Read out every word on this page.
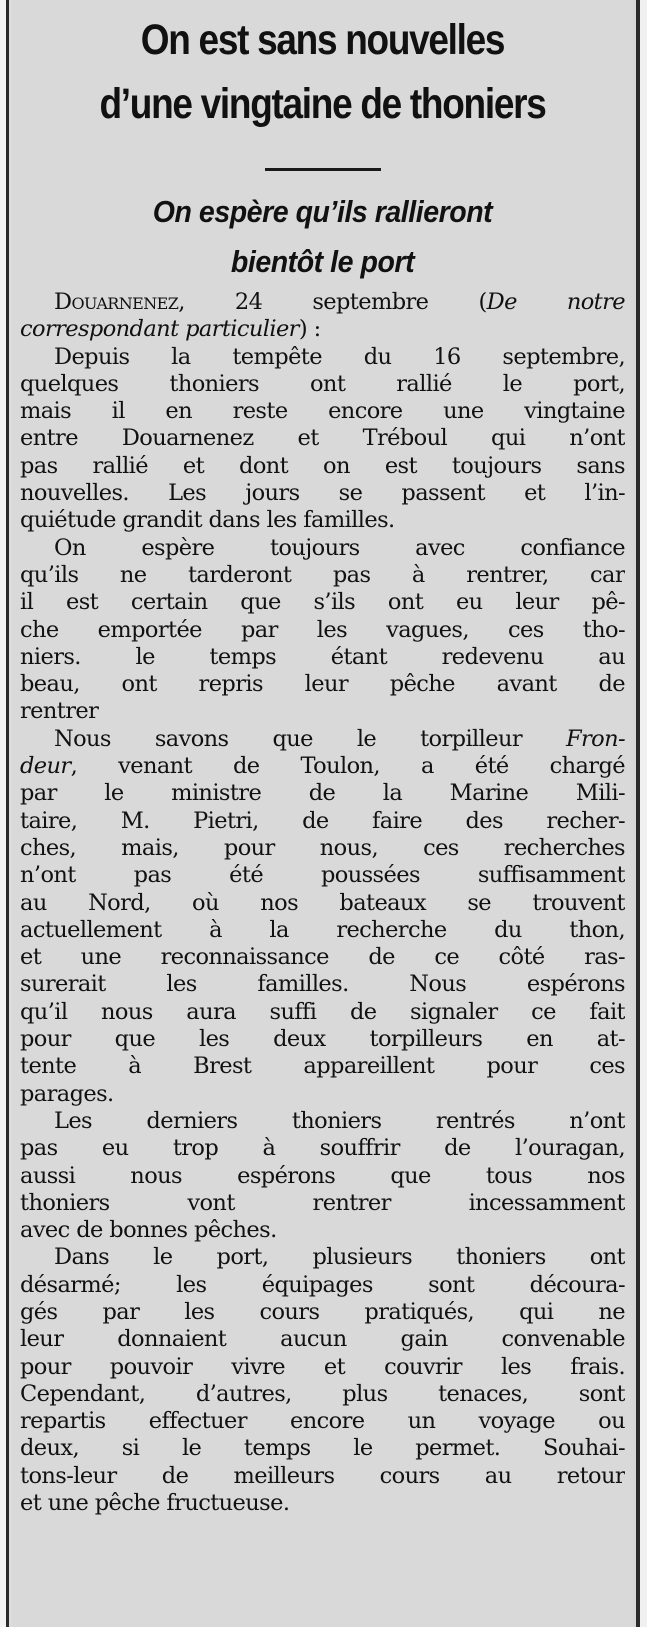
On est sans nouvelles
d’une vingtaine de thoniers
On espère qu’ils rallieront
bientôt le port
Douarnenez, 24 septembre (De notre
correspondant particulier) :
Depuis la tempête du 16 septembre,
quelques thoniers ont rallié le port,
mais il en reste encore une vingtaine
entre Douarnenez et Tréboul qui n’ont
pas rallié et dont on est toujours sans
nouvelles. Les jours se passent et l’in-
quiétude grandit dans les familles.
On espère toujours avec confiance
qu’ils ne tarderont pas à rentrer, car
il est certain que s’ils ont eu leur pê-
che emportée par les vagues, ces tho-
niers. le temps étant redevenu au
beau, ont repris leur pêche avant de
rentrer
Nous savons que le torpilleur Fron-
deur, venant de Toulon, a été chargé
par le ministre de la Marine Mili-
taire, M. Pietri, de faire des recher-
ches, mais, pour nous, ces recherches
n’ont pas été poussées suffisamment
au Nord, où nos bateaux se trouvent
actuellement à la recherche du thon,
et une reconnaissance de ce côté ras-
surerait les familles. Nous espérons
qu’il nous aura suffi de signaler ce fait
pour que les deux torpilleurs en at-
tente à Brest appareillent pour ces
parages.
Les derniers thoniers rentrés n’ont
pas eu trop à souffrir de l’ouragan,
aussi nous espérons que tous nos
thoniers vont rentrer incessamment
avec de bonnes pêches.
Dans le port, plusieurs thoniers ont
désarmé; les équipages sont découra-
gés par les cours pratiqués, qui ne
leur donnaient aucun gain convenable
pour pouvoir vivre et couvrir les frais.
Cependant, d’autres, plus tenaces, sont
repartis effectuer encore un voyage ou
deux, si le temps le permet. Souhai-
tons-leur de meilleurs cours au retour
et une pêche fructueuse.
